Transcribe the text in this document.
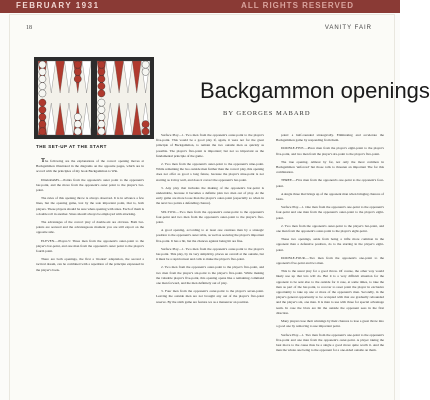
FEBRUARY 1931	ALL RIGHTS RESERVED
18	VANITY FAIR
THE SET-UP AT THE START
Backgammon openings
BY GEORGES MABARD

The following are the explanations of the correct opening moves at Backgammon illustrated in the diagrams on the opposite pages, which are in accord with the principles of my book Backgammon to Win.

DIAGRAMS.—Points from the opponent's outer point to the opponent's bar-point, and the move from the opponent's outer point to the player's bar-point.

The rules of this opening throw is always observed. It is in advance a few lines, but the opening game, lost by the sole important point, that is, both players. These players should be sure when opening with sixes. Each of them is a double roll in another. Sixes should always be employed with attacking.

The advantages of the correct play of double-six are obvious. Both bar-points are secured and the advantageous moment you are still export on the opposite side.

ELEVEN.—Player-5: Three men from the opponent's outer-point to the player's bar-point, and one man from the opponent's outer point to the player's fourth point.

There are both openings, the first a 'modest' adaptation, the second a tactical dream, can be combined with a repetition of the principle expressed in the player's book.

Surface Play—1. Two men from the opponent's outer-point to the player's five-point. This would be a good play if, again, it were not for the great principle of Backgammon, to remain the two outside men as quickly as possible. The player's five-point is important; but not so important as the fundamental principle of the game.

2. Two men from the opponent's outer-point to the opponent's nine-point. While remaining the two outside men further than the correct play, this opening does not offer as good a long future, because the player's nine-point is not starting as it may well, and does it correct the opponent's bar-point.

3. Any play that includes the making of the opponent's bar-point is undesirable, because it becomes a definite plan two men out of play. At the early game are more loose than the player's outer-point (especially so when in the next two points a defending chance).

SIX-TWO.—Two men from the opponent's outer-point to the opponent's four-point and two men from the opponent's outer-point to the player's five-point.

A good opening, according to at least one cautious man by a strategic position to the opponent's outer table, as well as securing the player's important five-point. It has a bit, but the chances against being hit are fine.

Surface Play—1. Two men from the opponent's outer-point to the player's bar-point. This play, by its very simplicity, places an overall at the outside, but it must be a rapid retreat and calls to make the player's five-point.

2. Two men from the opponent's outer-point to the player's five-point, and two men from the player's six-point to the player's five-point. While making the valuable player's five-point, this opening opens like a remaining command one man forward, and the men definitely out of play.

3. Four men from the opponent's outer-point to the player's seven-point. Leaving the outside men are not brought any out of the player's five-point reserve. By the sixth game are feature we as a maneuver an position.

point: a half-rounded strategically. Eliminating and accelerate the Backgammon game by responding from them.

DOUBLE-FIVE.—Place men from the player's eight-point to the player's five-point, and two men from the player's six-point to the player's five-point.

The true opening. Almost by far, not only the most common in Backgammon 'unforced' but those rolls to threaten an important The for this combination.

THREE.—Five men from the opponent's one-point to the opponent's four-point.

A single three that brings up of the opponent man when bringing chances of basis.

Surface Play—1. One man from the opponent's one-point to the opponent's four-point and one man from the opponent's outer-point to the player's eight-point.

2. Two men from the opponent's outer-point to the player's bar-point, and one man from the opponent's outer-point to the player's eight-point.

These two openings, aside from being a trifle more common in the opponent than a defensive position, do to the starting in the player's eight-point.

DOUBLE-FOUR.—Two men from the opponent's one-point to the opponent's five-point and two men.

This is the usual play for a good throw. Of course, the other way would likely use up that lots will do. But it is a very difficult situation for the opponent to be sent also to the outside for it case, at some times, to take the men as part of the bar-point, to recover to reset point the player in exclusive opportunity to take up one or more of the opponent's men. Secondly, in the player's general opportunity to be occupied with that are gradually rebounded and the player's six, one man. It is man to use with three for special advantage team. In case the blots are hit the outside the opponent sees in the first direction.

Many players lose their winnings by their chances to lose a great throw into a good one by removing to use important point.

Surface Play—1. Two men from the opponent's one-point to the opponent's five-point and one man from the opponent's outer-point. A player taking the best move to the cause thus be a single a good move quite worth it. And the men the whole one being to the opponent for a one-sided outside on them.
